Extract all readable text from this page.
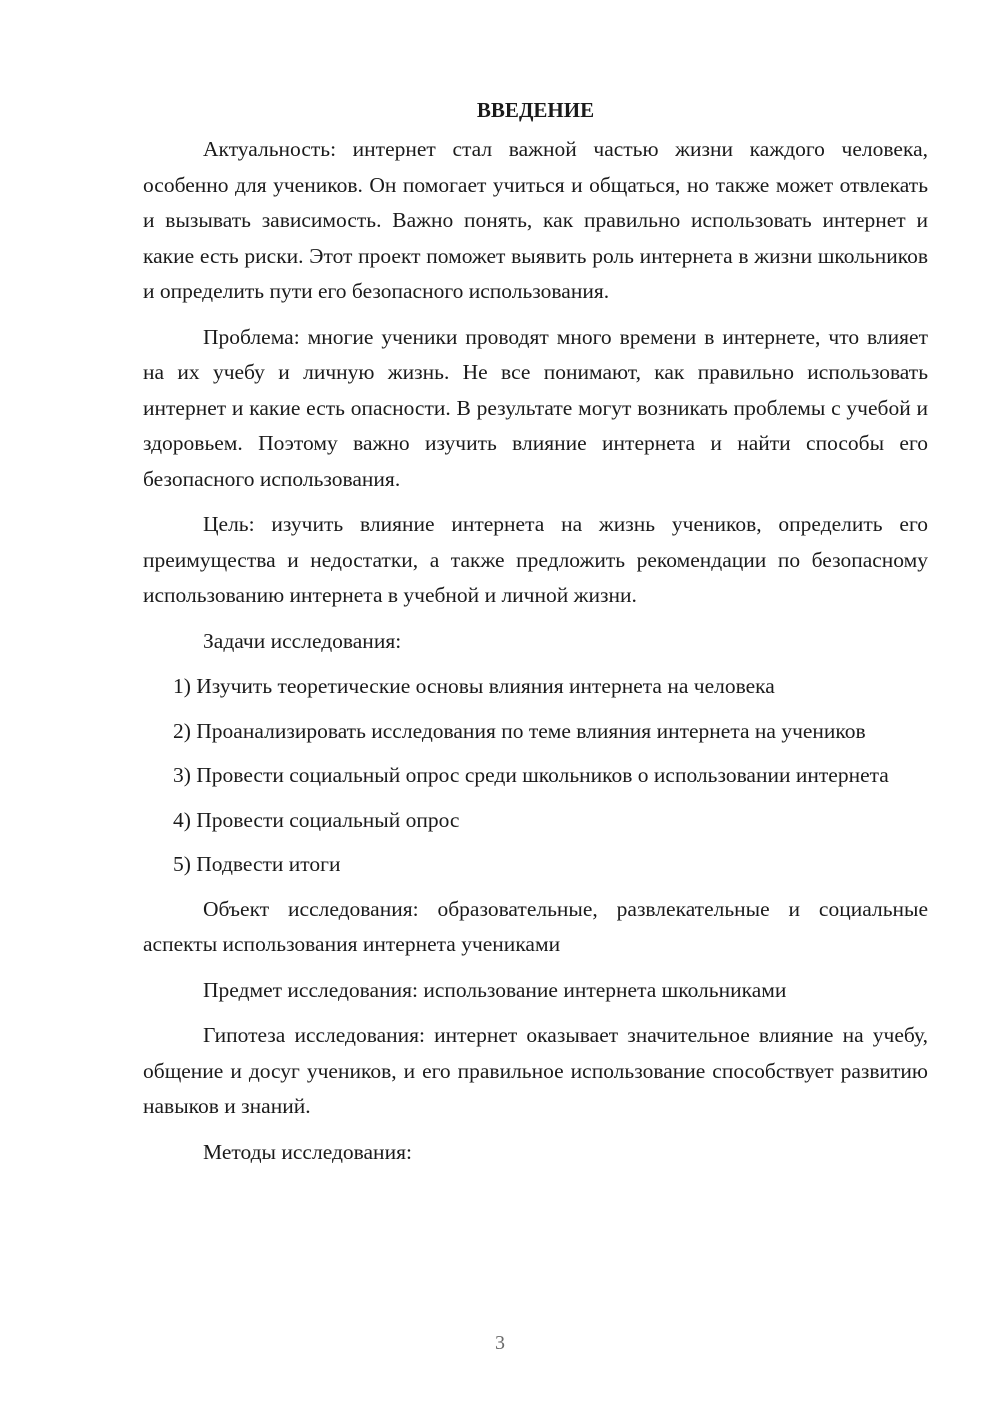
ВВЕДЕНИЕ

Актуальность: интернет стал важной частью жизни каждого человека, особенно для учеников. Он помогает учиться и общаться, но также может отвлекать и вызывать зависимость. Важно понять, как правильно использовать интернет и какие есть риски. Этот проект поможет выявить роль интернета в жизни школьников и определить пути его безопасного использования.

Проблема: многие ученики проводят много времени в интернете, что влияет на их учебу и личную жизнь. Не все понимают, как правильно использовать интернет и какие есть опасности. В результате могут возникать проблемы с учебой и здоровьем. Поэтому важно изучить влияние интернета и найти способы его безопасного использования.

Цель: изучить влияние интернета на жизнь учеников, определить его преимущества и недостатки, а также предложить рекомендации по безопасному использованию интернета в учебной и личной жизни.

Задачи исследования:

1) Изучить теоретические основы влияния интернета на человека

2) Проанализировать исследования по теме влияния интернета на учеников

3) Провести социальный опрос среди школьников о использовании интернета

4) Провести социальный опрос

5) Подвести итоги

Объект исследования: образовательные, развлекательные и социальные аспекты использования интернета учениками

Предмет исследования: использование интернета школьниками

Гипотеза исследования: интернет оказывает значительное влияние на учебу, общение и досуг учеников, и его правильное использование способствует развитию навыков и знаний.

Методы исследования:

3
